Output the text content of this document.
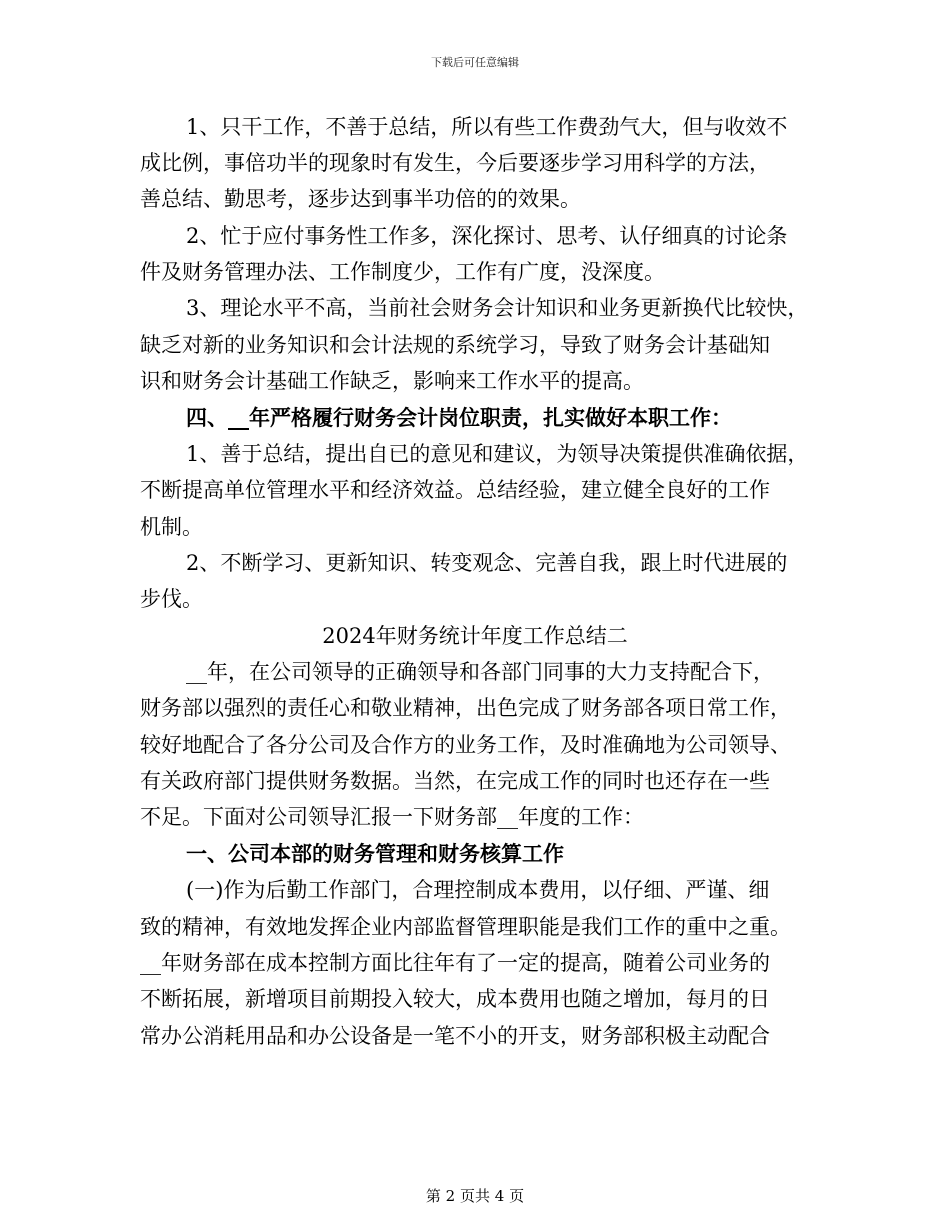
下载后可任意编辑
1、只干工作，不善于总结，所以有些工作费劲气大，但与收效不
成比例，事倍功半的现象时有发生，今后要逐步学习用科学的方法，
善总结、勤思考，逐步达到事半功倍的的效果。
2、忙于应付事务性工作多，深化探讨、思考、认仔细真的讨论条
件及财务管理办法、工作制度少，工作有广度，没深度。
3、理论水平不高，当前社会财务会计知识和业务更新换代比较快，
缺乏对新的业务知识和会计法规的系统学习，导致了财务会计基础知
识和财务会计基础工作缺乏，影响来工作水平的提高。
四、__年严格履行财务会计岗位职责，扎实做好本职工作：
1、善于总结，提出自已的意见和建议，为领导决策提供准确依据，
不断提高单位管理水平和经济效益。总结经验，建立健全良好的工作
机制。
2、不断学习、更新知识、转变观念、完善自我，跟上时代进展的
步伐。
2024年财务统计年度工作总结二
__年，在公司领导的正确领导和各部门同事的大力支持配合下，
财务部以强烈的责任心和敬业精神，出色完成了财务部各项日常工作，
较好地配合了各分公司及合作方的业务工作，及时准确地为公司领导、
有关政府部门提供财务数据。当然，在完成工作的同时也还存在一些
不足。下面对公司领导汇报一下财务部__年度的工作：
一、公司本部的财务管理和财务核算工作
(一)作为后勤工作部门，合理控制成本费用，以仔细、严谨、细
致的精神，有效地发挥企业内部监督管理职能是我们工作的重中之重。
__年财务部在成本控制方面比往年有了一定的提高，随着公司业务的
不断拓展，新增项目前期投入较大，成本费用也随之增加，每月的日
常办公消耗用品和办公设备是一笔不小的开支，财务部积极主动配合
第 2 页共 4 页
